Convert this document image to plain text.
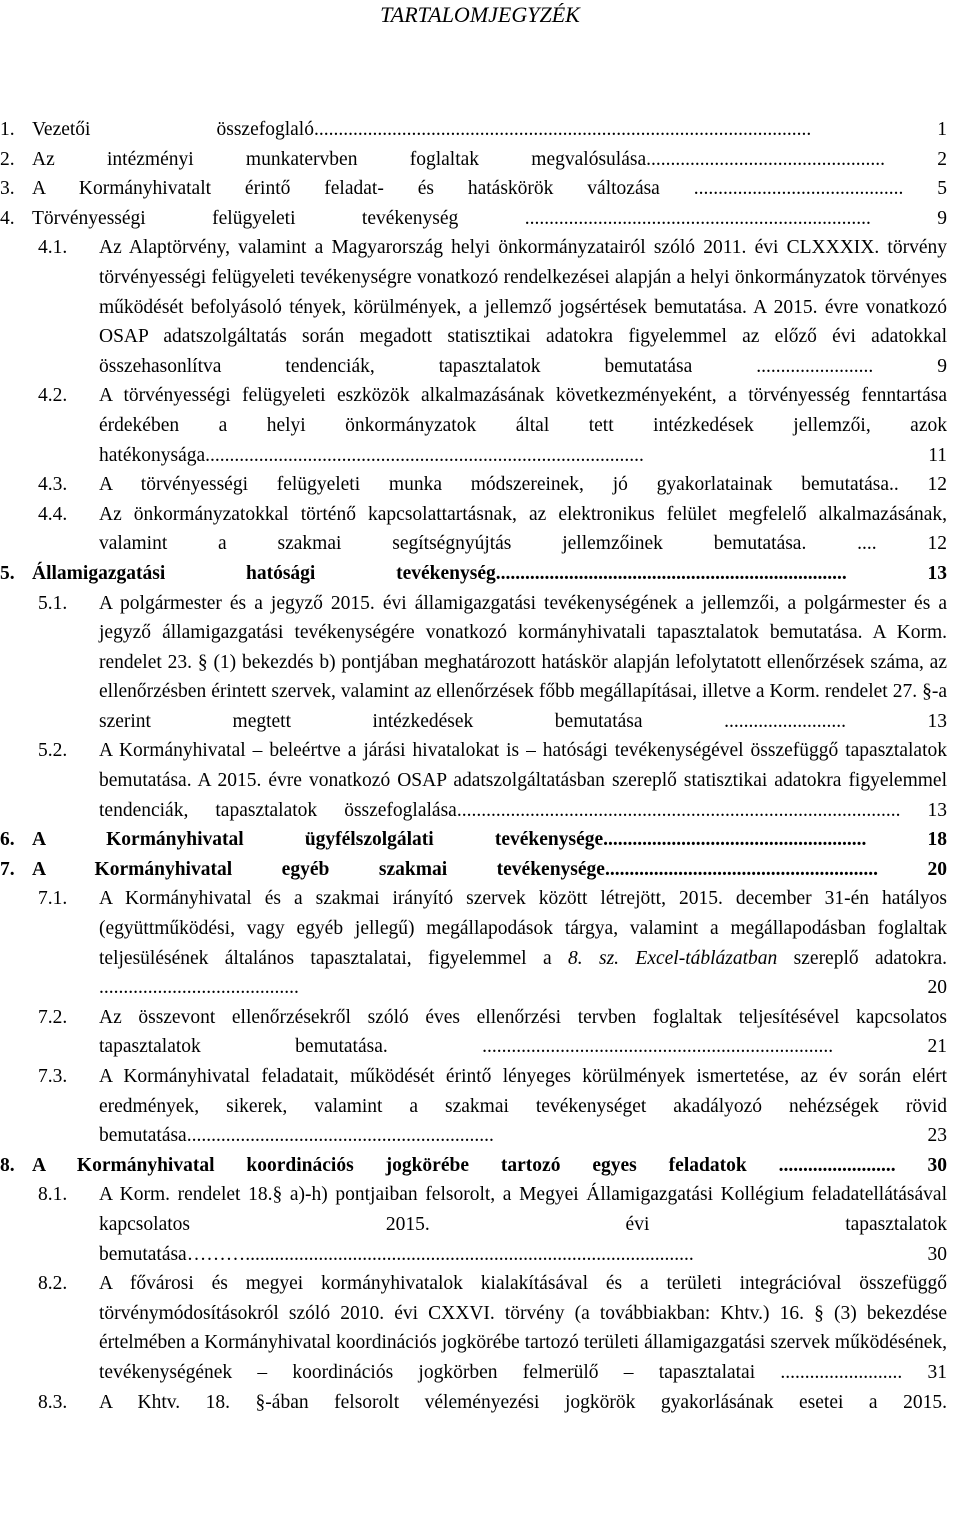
TARTALOMJEGYZÉK
1. Vezetői összefoglaló...................................................................................................... 1
2. Az intézményi munkatervben foglaltak megvalósulása................................................. 2
3. A Kormányhivatalt érintő feladat- és hatáskörök változása ........................................... 5
4. Törvényességi felügyeleti tevékenység ....................................................................... 9
4.1. Az Alaptörvény, valamint a Magyarország helyi önkormányzatairól szóló 2011. évi CLXXXIX. törvény törvényességi felügyeleti tevékenységre vonatkozó rendelkezései alapján a helyi önkormányzatok törvényes működését befolyásoló tények, körülmények, a jellemző jogsértések bemutatása. A 2015. évre vonatkozó OSAP adatszolgáltatás során megadott statisztikai adatokra figyelemmel az előző évi adatokkal összehasonlítva tendenciák, tapasztalatok bemutatása ........................ 9
4.2. A törvényességi felügyeleti eszközök alkalmazásának következményeként, a törvényesség fenntartása érdekében a helyi önkormányzatok által tett intézkedések jellemzői, azok hatékonysága.......................................................................................... 11
4.3. A törvényességi felügyeleti munka módszereinek, jó gyakorlatainak bemutatása.. 12
4.4. Az önkormányzatokkal történő kapcsolattartásnak, az elektronikus felület megfelelő alkalmazásának, valamint a szakmai segítségnyújtás jellemzőinek bemutatása. .... 12
5. Államigazgatási hatósági tevékenység........................................................................ 13
5.1. A polgármester és a jegyző 2015. évi államigazgatási tevékenységének a jellemzői, a polgármester és a jegyző államigazgatási tevékenységére vonatkozó kormányhivatali tapasztalatok bemutatása. A Korm. rendelet 23. § (1) bekezdés b) pontjában meghatározott hatáskör alapján lefolytatott ellenőrzések száma, az ellenőrzésben érintett szervek, valamint az ellenőrzések főbb megállapításai, illetve a Korm. rendelet 27. §-a szerint megtett intézkedések bemutatása ......................... 13
5.2. A Kormányhivatal – beleértve a járási hivatalokat is – hatósági tevékenységével összefüggő tapasztalatok bemutatása. A 2015. évre vonatkozó OSAP adatszolgáltatásban szereplő statisztikai adatokra figyelemmel tendenciák, tapasztalatok összefoglalása........................................................................................... 13
6. A Kormányhivatal ügyfélszolgálati tevékenysége...................................................... 18
7. A Kormányhivatal egyéb szakmai tevékenysége........................................................ 20
7.1. A Kormányhivatal és a szakmai irányító szervek között létrejött, 2015. december 31-én hatályos (együttműködési, vagy egyéb jellegű) megállapodások tárgya, valamint a megállapodásban foglaltak teljesülésének általános tapasztalatai, figyelemmel a 8. sz. Excel-táblázatban szereplő adatokra. ......................................... 20
7.2. Az összevont ellenőrzésekről szóló éves ellenőrzési tervben foglaltak teljesítésével kapcsolatos tapasztalatok bemutatása. ........................................................................ 21
7.3. A Kormányhivatal feladatait, működését érintő lényeges körülmények ismertetése, az év során elért eredmények, sikerek, valamint a szakmai tevékenységet akadályozó nehézségek rövid bemutatása............................................................... 23
8. A Kormányhivatal koordinációs jogkörébe tartozó egyes feladatok ........................ 30
8.1. A Korm. rendelet 18.§ a)-h) pontjaiban felsorolt, a Megyei Államigazgatási Kollégium feladatellátásával kapcsolatos 2015. évi tapasztalatok bemutatása………............................................................................................ 30
8.2. A fővárosi és megyei kormányhivatalok kialakításával és a területi integrációval összefüggő törvénymódosításokról szóló 2010. évi CXXVI. törvény (a továbbiakban: Khtv.) 16. § (3) bekezdése értelmében a Kormányhivatal koordinációs jogkörébe tartozó területi államigazgatási szervek működésének, tevékenységének – koordinációs jogkörben felmerülő – tapasztalatai ......................... 31
8.3. A Khtv. 18. §-ában felsorolt véleményezési jogkörök gyakorlásának esetei a 2015.
